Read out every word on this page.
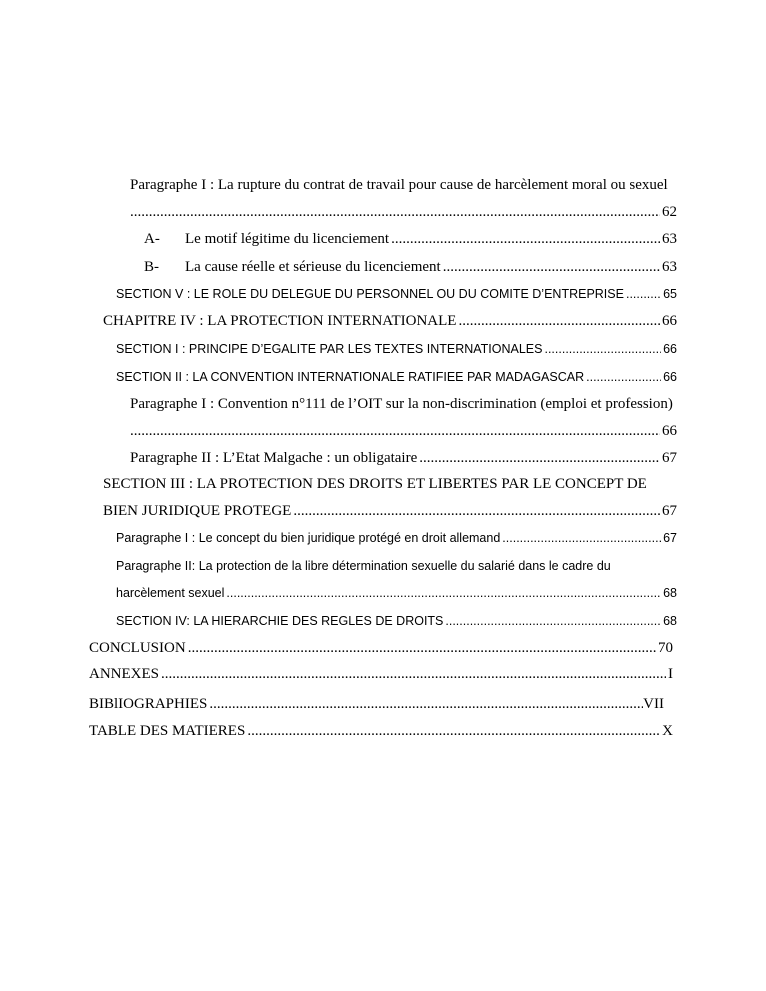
Paragraphe I : La rupture du contrat de travail pour cause de harcèlement moral ou sexuel
.....
62
A-	Le motif légitime du licenciement .....	63
B-	La cause réelle et sérieuse du licenciement .....	63
SECTION V : LE ROLE DU DELEGUE DU PERSONNEL OU DU COMITE D’ENTREPRISE .....	65
CHAPITRE IV : LA PROTECTION INTERNATIONALE .....	66
SECTION I : PRINCIPE D’EGALITE PAR LES TEXTES INTERNATIONALES .....	66
SECTION II : LA CONVENTION INTERNATIONALE RATIFIEE PAR MADAGASCAR .....	66
Paragraphe I : Convention n°111 de l’OIT sur la non-discrimination (emploi et profession)
.....
66
Paragraphe II : L’Etat Malgache : un obligataire .....	67
SECTION III : LA PROTECTION DES DROITS ET LIBERTES PAR LE CONCEPT DE
BIEN JURIDIQUE PROTEGE .....	67
Paragraphe I : Le concept du bien juridique protégé en droit allemand .....	67
Paragraphe II: La protection de la libre détermination sexuelle du salarié dans le cadre du
harcèlement sexuel .....	68
SECTION IV: LA HIERARCHIE DES REGLES DE DROITS .....	68
CONCLUSION .....	70
ANNEXES .....	I
BIBlIOGRAPHIES .....	VII
TABLE DES MATIERES .....	X
